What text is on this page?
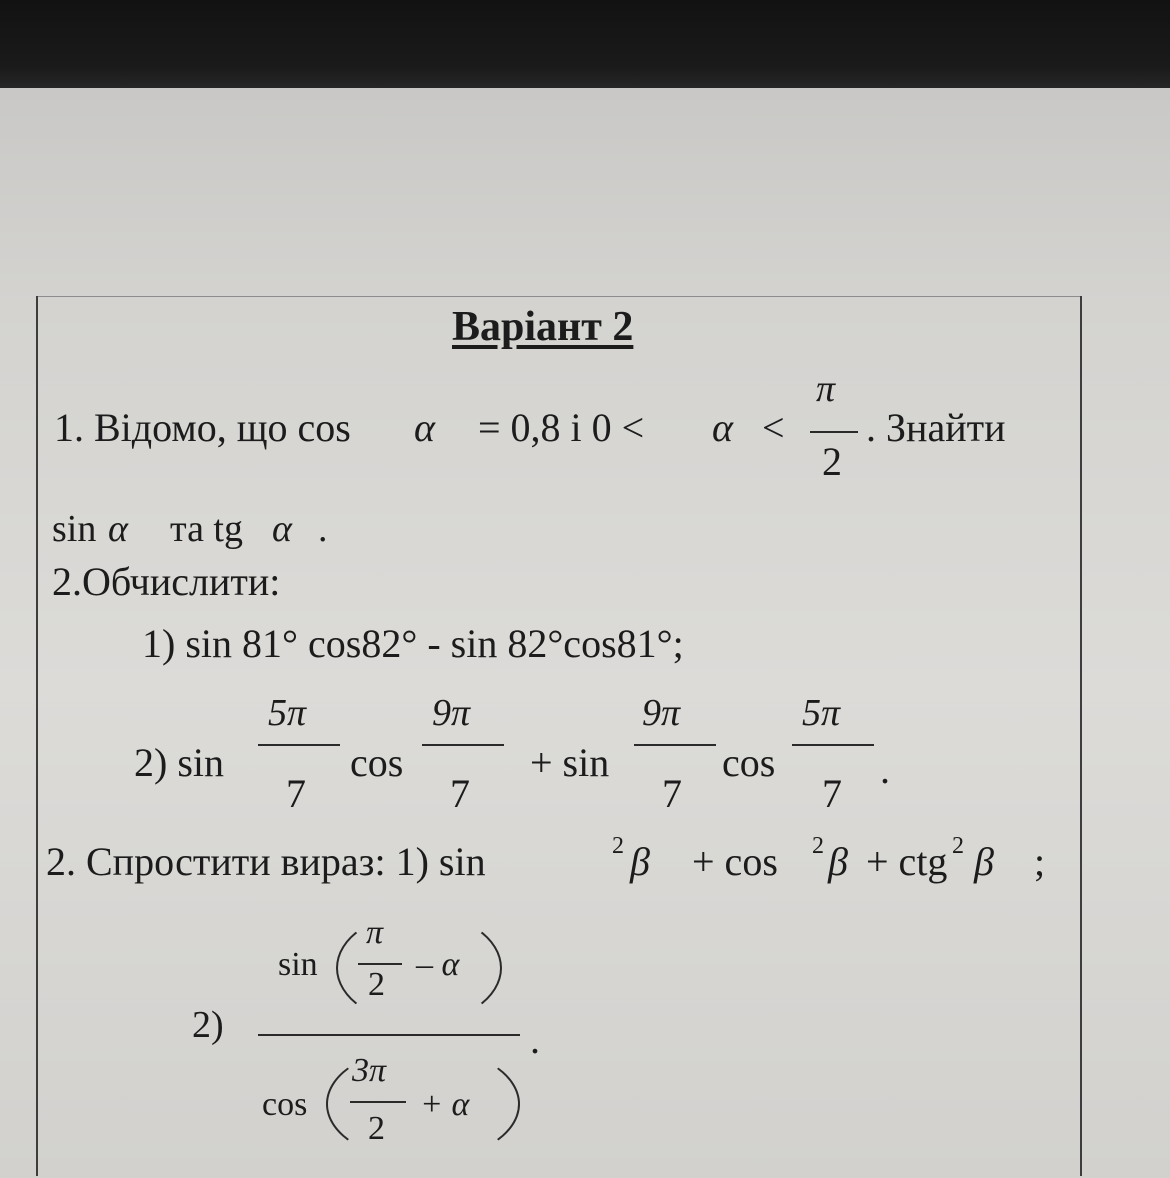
Варіант 2
1. Відомо, що cos α = 0,8 і 0 < α <
π
2
. Знайти
sin α та tg α .
2.Обчислити:
1) sin 81° cos82° - sin 82°cos81°;
2) sin
5π
7
cos
9π
7
+ sin
9π
7
cos
5π
7
.
2. Спростити вираз: 1) sin	2 β + cos 2 β + ctg 2 β ;
2)
sin
π
2
– α
.
cos
3π
2
+ α
